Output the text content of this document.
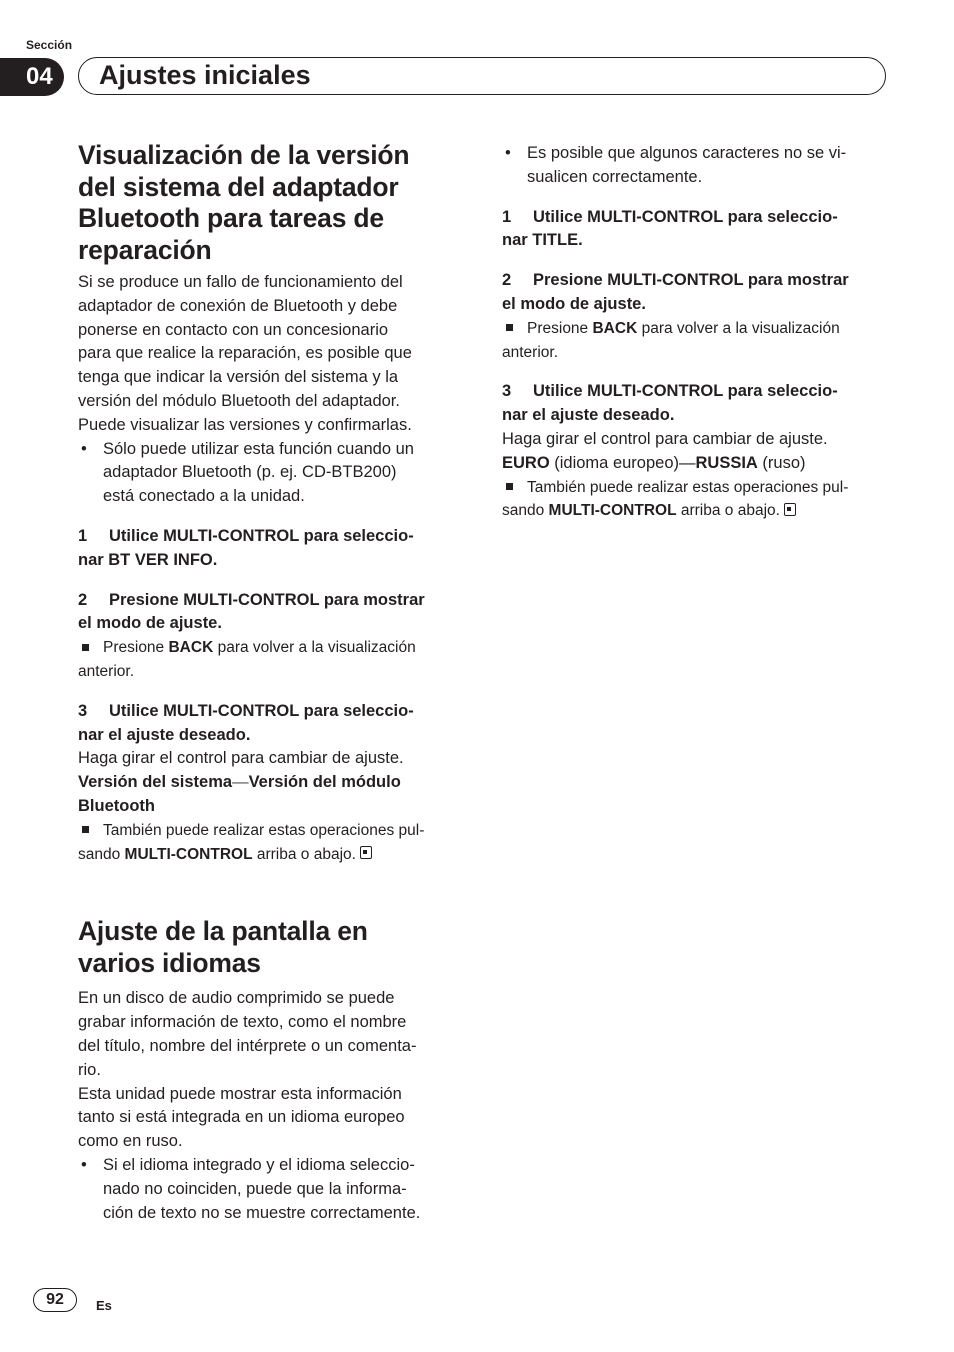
Sección
04	Ajustes iniciales
Visualización de la versión
del sistema del adaptador
Bluetooth para tareas de
reparación

Si se produce un fallo de funcionamiento del
adaptador de conexión de Bluetooth y debe
ponerse en contacto con un concesionario
para que realice la reparación, es posible que
tenga que indicar la versión del sistema y la
versión del módulo Bluetooth del adaptador.
Puede visualizar las versiones y confirmarlas.

• Sólo puede utilizar esta función cuando un
adaptador Bluetooth (p. ej. CD-BTB200)
está conectado a la unidad.

1 Utilice MULTI-CONTROL para seleccio-
nar BT VER INFO.

2 Presione MULTI-CONTROL para mostrar
el modo de ajuste.

Presione BACK para volver a la visualización
anterior.

3 Utilice MULTI-CONTROL para seleccio-
nar el ajuste deseado.

Haga girar el control para cambiar de ajuste.

Versión del sistema—Versión del módulo
Bluetooth

También puede realizar estas operaciones pul-
sando MULTI-CONTROL arriba o abajo.

Ajuste de la pantalla en
varios idiomas

En un disco de audio comprimido se puede
grabar información de texto, como el nombre
del título, nombre del intérprete o un comenta-
rio.

Esta unidad puede mostrar esta información
tanto si está integrada en un idioma europeo
como en ruso.

• Si el idioma integrado y el idioma seleccio-
nado no coinciden, puede que la informa-
ción de texto no se muestre correctamente.

• Es posible que algunos caracteres no se vi-
sualicen correctamente.

1 Utilice MULTI-CONTROL para seleccio-
nar TITLE.

2 Presione MULTI-CONTROL para mostrar
el modo de ajuste.

Presione BACK para volver a la visualización
anterior.

3 Utilice MULTI-CONTROL para seleccio-
nar el ajuste deseado.

Haga girar el control para cambiar de ajuste.

EURO (idioma europeo)—RUSSIA (ruso)

También puede realizar estas operaciones pul-
sando MULTI-CONTROL arriba o abajo.

92	Es
